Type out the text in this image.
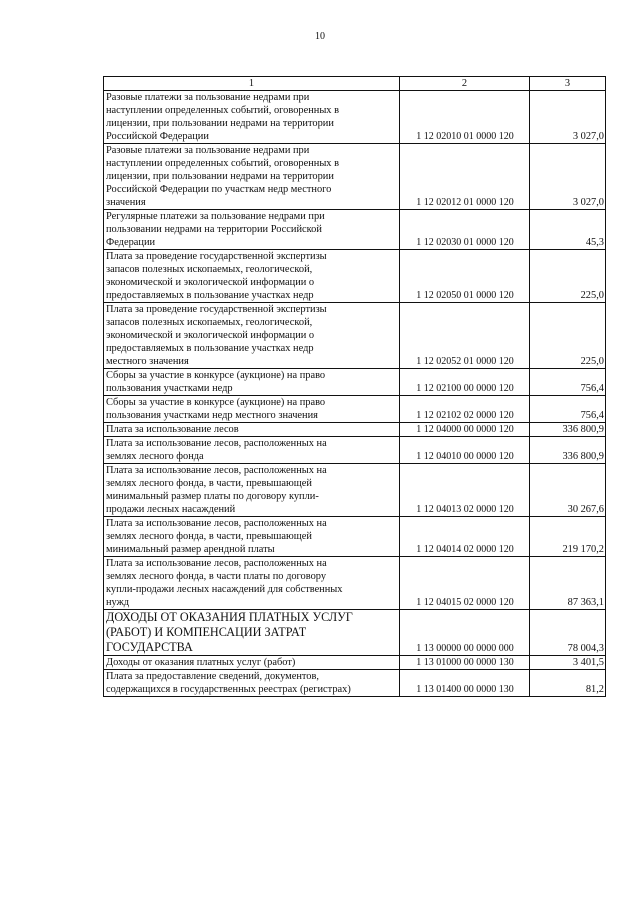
10
1	2	3
Разовые платежи за пользование недрами при
наступлении определенных событий, оговоренных в
лицензии, при пользовании недрами на территории
Российской Федерации	1 12 02010 01 0000 120	3 027,0
Разовые платежи за пользование недрами при
наступлении определенных событий, оговоренных в
лицензии, при пользовании недрами на территории
Российской Федерации по участкам недр местного
значения	1 12 02012 01 0000 120	3 027,0
Регулярные платежи за пользование недрами при
пользовании недрами на территории Российской
Федерации	1 12 02030 01 0000 120	45,3
Плата за проведение государственной экспертизы
запасов полезных ископаемых, геологической,
экономической и экологической информации о
предоставляемых в пользование участках недр	1 12 02050 01 0000 120	225,0
Плата за проведение государственной экспертизы
запасов полезных ископаемых, геологической,
экономической и экологической информации о
предоставляемых в пользование участках недр
местного значения	1 12 02052 01 0000 120	225,0
Сборы за участие в конкурсе (аукционе) на право
пользования участками недр	1 12 02100 00 0000 120	756,4
Сборы за участие в конкурсе (аукционе) на право
пользования участками недр местного значения	1 12 02102 02 0000 120	756,4
Плата за использование лесов	1 12 04000 00 0000 120	336 800,9
Плата за использование лесов, расположенных на
землях лесного фонда	1 12 04010 00 0000 120	336 800,9
Плата за использование лесов, расположенных на
землях лесного фонда, в части, превышающей
минимальный размер платы по договору купли-
продажи лесных насаждений	1 12 04013 02 0000 120	30 267,6
Плата за использование лесов, расположенных на
землях лесного фонда, в части, превышающей
минимальный размер арендной платы	1 12 04014 02 0000 120	219 170,2
Плата за использование лесов, расположенных на
землях лесного фонда, в части платы по договору
купли-продажи лесных насаждений для собственных
нужд	1 12 04015 02 0000 120	87 363,1
ДОХОДЫ ОТ ОКАЗАНИЯ ПЛАТНЫХ УСЛУГ
(РАБОТ) И КОМПЕНСАЦИИ ЗАТРАТ
ГОСУДАРСТВА	1 13 00000 00 0000 000	78 004,3
Доходы от оказания платных услуг (работ)	1 13 01000 00 0000 130	3 401,5
Плата за предоставление сведений, документов,
содержащихся в государственных реестрах (регистрах)	1 13 01400 00 0000 130	81,2
